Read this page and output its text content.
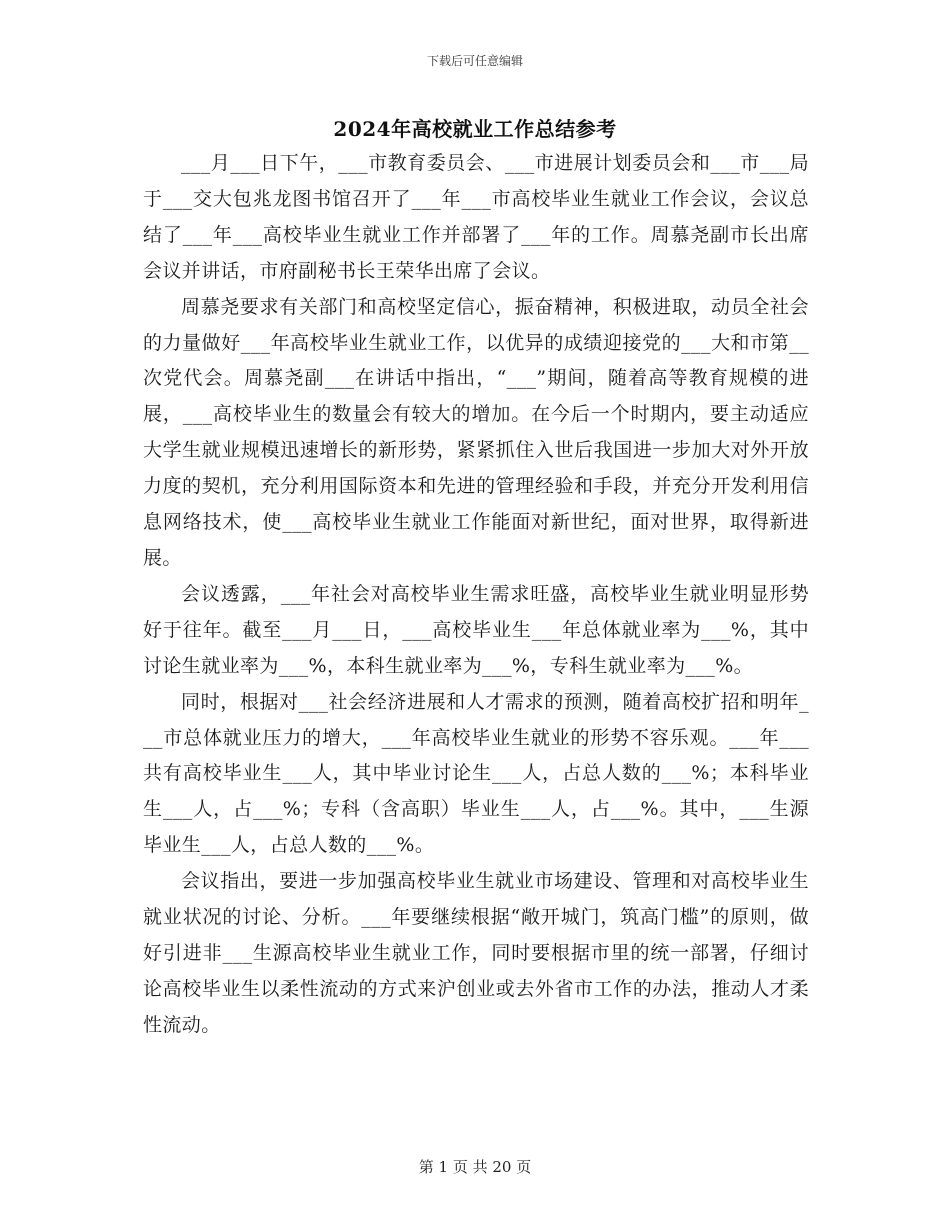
下载后可任意编辑
2024年高校就业工作总结参考

___月___日下午，___市教育委员会、___市进展计划委员会和___市___局于___交大包兆龙图书馆召开了___年___市高校毕业生就业工作会议，会议总结了___年___高校毕业生就业工作并部署了___年的工作。周慕尧副市长出席会议并讲话，市府副秘书长王荣华出席了会议。

周慕尧要求有关部门和高校坚定信心，振奋精神，积极进取，动员全社会的力量做好___年高校毕业生就业工作，以优异的成绩迎接党的___大和市第__次党代会。周慕尧副___在讲话中指出，“___”期间，随着高等教育规模的进展，___高校毕业生的数量会有较大的增加。在今后一个时期内，要主动适应大学生就业规模迅速增长的新形势，紧紧抓住入世后我国进一步加大对外开放力度的契机，充分利用国际资本和先进的管理经验和手段，并充分开发利用信息网络技术，使___高校毕业生就业工作能面对新世纪，面对世界，取得新进展。

会议透露，___年社会对高校毕业生需求旺盛，高校毕业生就业明显形势好于往年。截至___月___日，___高校毕业生___年总体就业率为___%，其中讨论生就业率为___%，本科生就业率为___%，专科生就业率为___%。

同时，根据对___社会经济进展和人才需求的预测，随着高校扩招和明年___市总体就业压力的增大，___年高校毕业生就业的形势不容乐观。___年___共有高校毕业生___人，其中毕业讨论生___人，占总人数的___%；本科毕业生___人，占___%；专科（含高职）毕业生___人，占___%。其中，___生源毕业生___人，占总人数的___%。

会议指出，要进一步加强高校毕业生就业市场建设、管理和对高校毕业生就业状况的讨论、分析。___年要继续根据“敞开城门，筑高门槛”的原则，做好引进非___生源高校毕业生就业工作，同时要根据市里的统一部署，仔细讨论高校毕业生以柔性流动的方式来沪创业或去外省市工作的办法，推动人才柔性流动。

第 1 页 共 20 页
